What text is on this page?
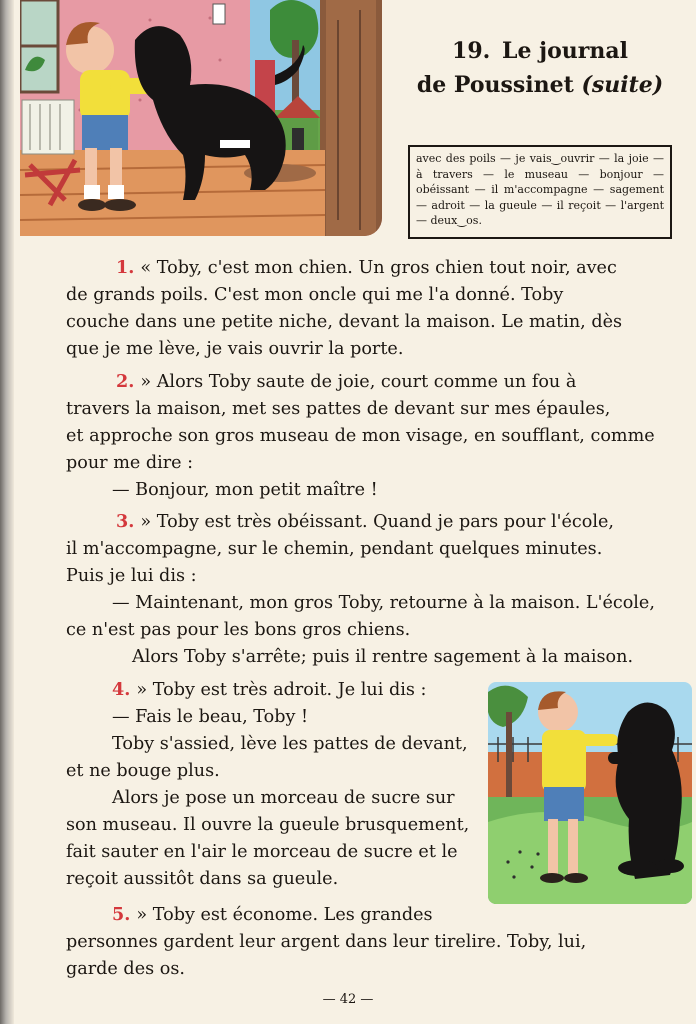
19. Le journal
de Poussinet (suite)
avec des poils — je vais‿ouvrir — la joie — à travers — le museau — bonjour — obéissant — il m'accompagne — sagement — adroit — la gueule — il reçoit — l'argent — deux‿os.
1. « Toby, c'est mon chien. Un gros chien tout noir, avec
de grands poils. C'est mon oncle qui me l'a donné. Toby
couche dans une petite niche, devant la maison. Le matin, dès
que je me lève, je vais ouvrir la porte.
2. » Alors Toby saute de joie, court comme un fou à
travers la maison, met ses pattes de devant sur mes épaules,
et approche son gros museau de mon visage, en soufflant, comme
pour me dire :
— Bonjour, mon petit maître !
3. » Toby est très obéissant. Quand je pars pour l'école,
il m'accompagne, sur le chemin, pendant quelques minutes.
Puis je lui dis :
— Maintenant, mon gros Toby, retourne à la maison. L'école,
ce n'est pas pour les bons gros chiens.
Alors Toby s'arrête; puis il rentre sagement à la maison.
4. » Toby est très adroit. Je lui dis :
— Fais le beau, Toby !
Toby s'assied, lève les pattes de devant,
et ne bouge plus.
Alors je pose un morceau de sucre sur
son museau. Il ouvre la gueule brusquement,
fait sauter en l'air le morceau de sucre et le
reçoit aussitôt dans sa gueule.
5. » Toby est économe. Les grandes
personnes gardent leur argent dans leur tirelire. Toby, lui,
garde des os.
— 42 —
